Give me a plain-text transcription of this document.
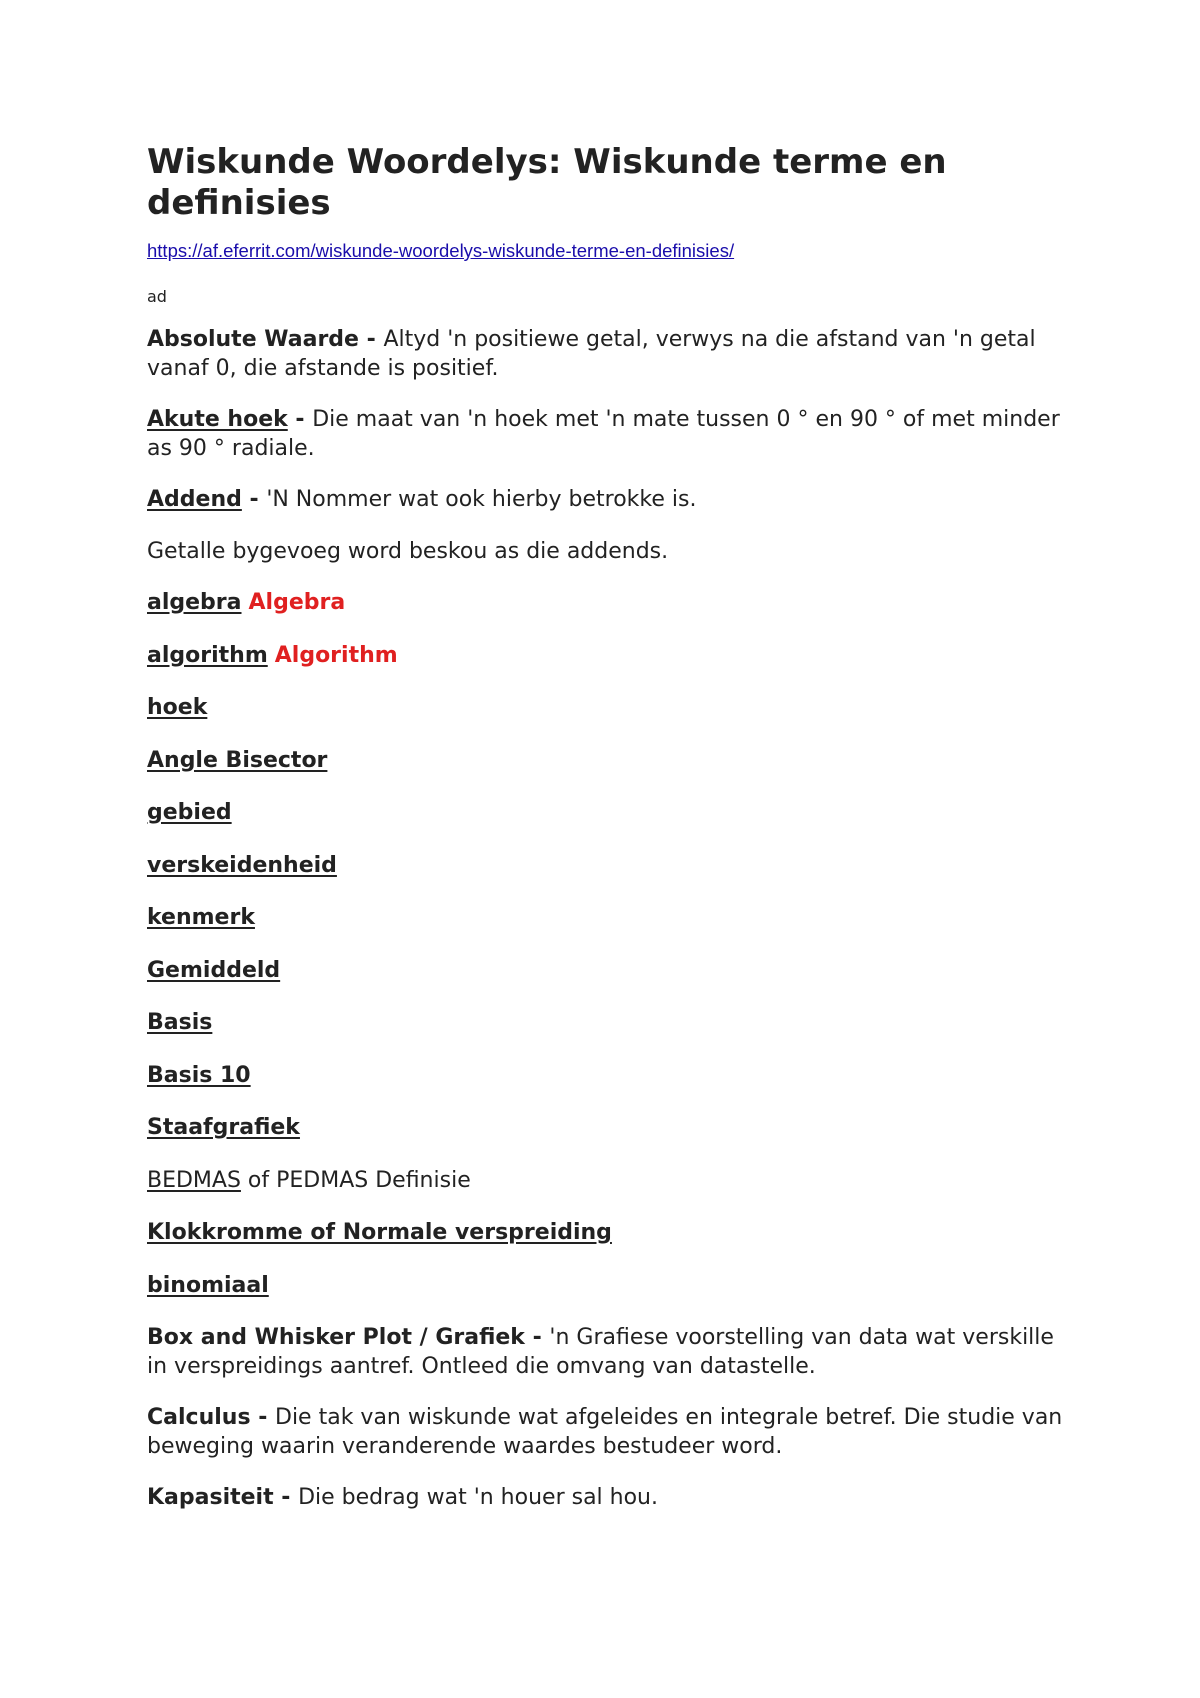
Wiskunde Woordelys: Wiskunde terme en definisies
https://af.eferrit.com/wiskunde-woordelys-wiskunde-terme-en-definisies/
ad

Absolute Waarde - Altyd 'n positiewe getal, verwys na die afstand van 'n getal vanaf 0, die afstande is positief.

Akute hoek - Die maat van 'n hoek met 'n mate tussen 0 ° en 90 ° of met minder as 90 ° radiale.

Addend - 'N Nommer wat ook hierby betrokke is.

Getalle bygevoeg word beskou as die addends.

algebra Algebra

algorithm Algorithm

hoek

Angle Bisector

gebied

verskeidenheid

kenmerk

Gemiddeld

Basis

Basis 10

Staafgrafiek

BEDMAS of PEDMAS Definisie

Klokkromme of Normale verspreiding

binomiaal

Box and Whisker Plot / Grafiek - 'n Grafiese voorstelling van data wat verskille in verspreidings aantref. Ontleed die omvang van datastelle.

Calculus - Die tak van wiskunde wat afgeleides en integrale betref. Die studie van beweging waarin veranderende waardes bestudeer word.

Kapasiteit - Die bedrag wat 'n houer sal hou.
